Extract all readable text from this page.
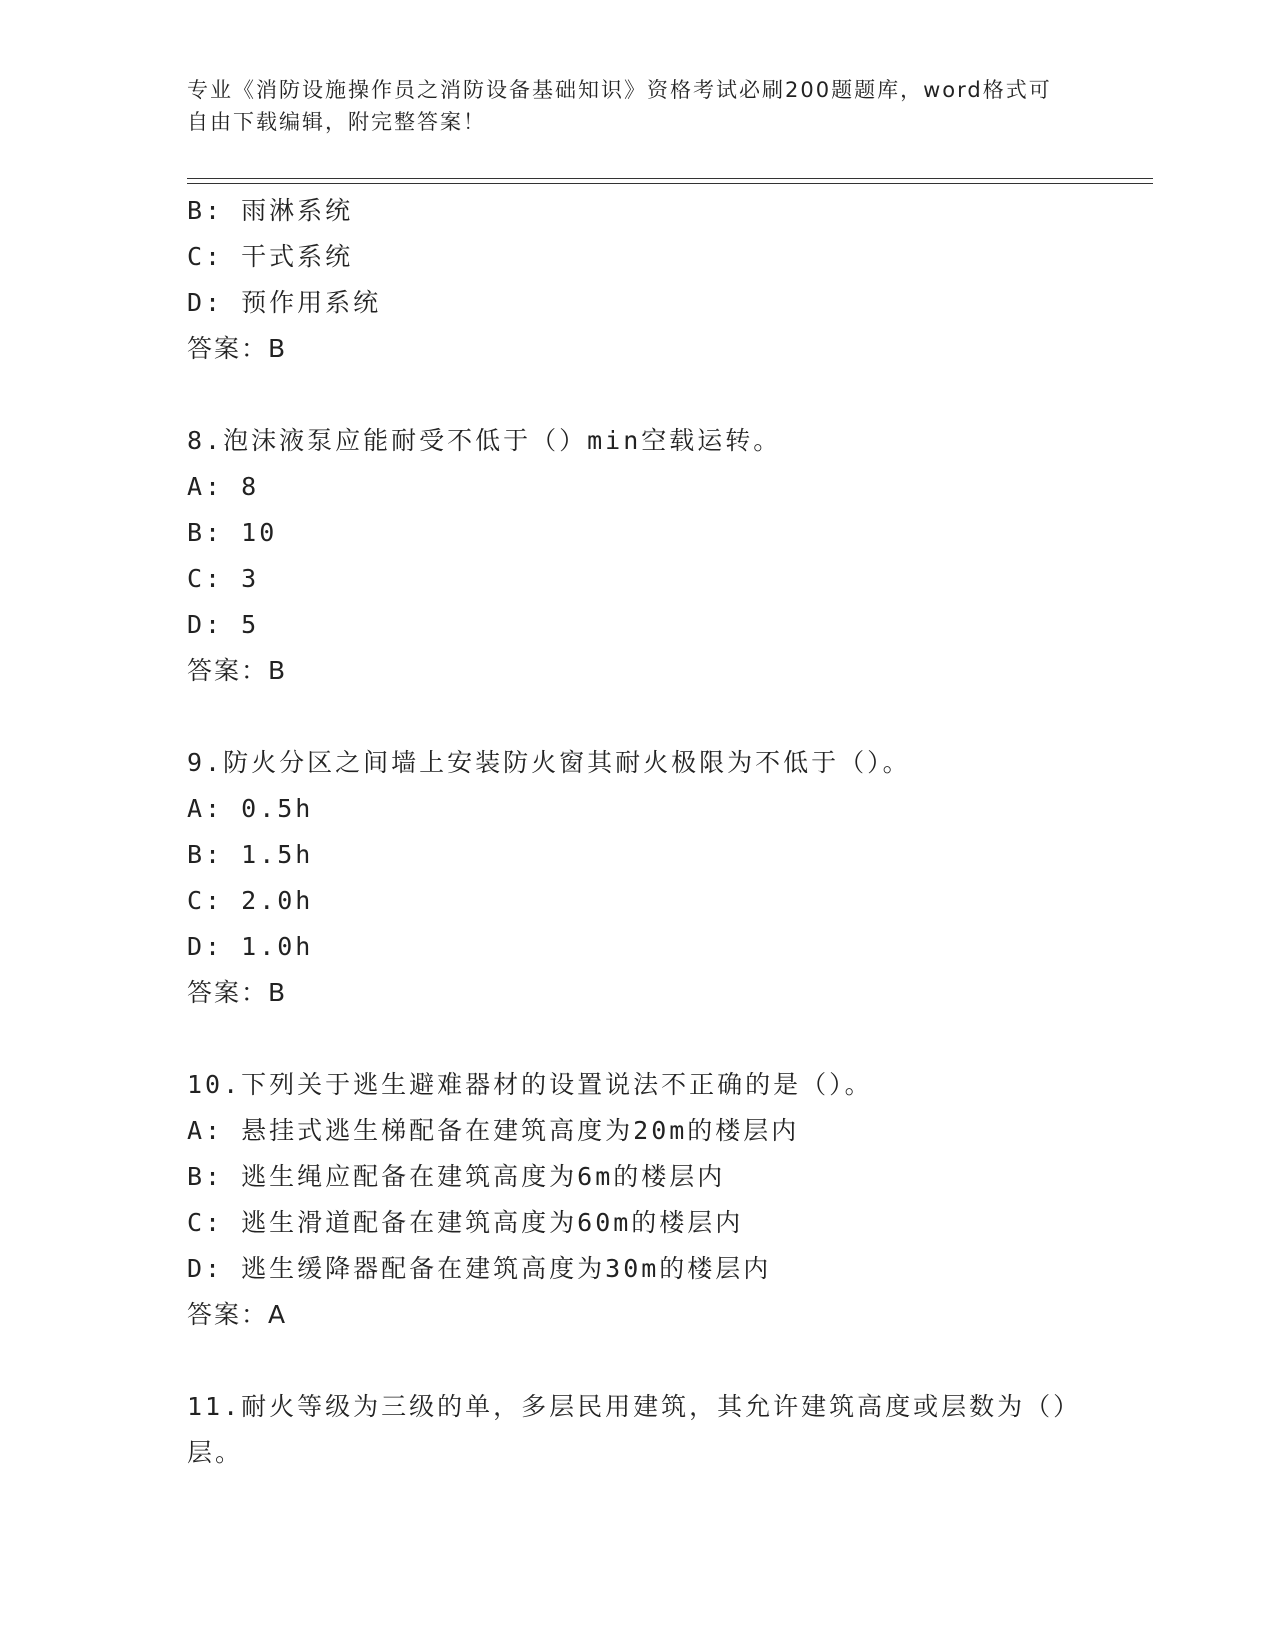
专业《消防设施操作员之消防设备基础知识》资格考试必刷200题题库，word格式可自由下载编辑，附完整答案！
B: 雨淋系统
C: 干式系统
D: 预作用系统
答案：B
8.泡沫液泵应能耐受不低于（）min空载运转。
A: 8
B: 10
C: 3
D: 5
答案：B
9.防火分区之间墙上安装防火窗其耐火极限为不低于（）。
A: 0.5h
B: 1.5h
C: 2.0h
D: 1.0h
答案：B
10.下列关于逃生避难器材的设置说法不正确的是（）。
A: 悬挂式逃生梯配备在建筑高度为20m的楼层内
B: 逃生绳应配备在建筑高度为6m的楼层内
C: 逃生滑道配备在建筑高度为60m的楼层内
D: 逃生缓降器配备在建筑高度为30m的楼层内
答案：A
11.耐火等级为三级的单，多层民用建筑，其允许建筑高度或层数为（）层。
